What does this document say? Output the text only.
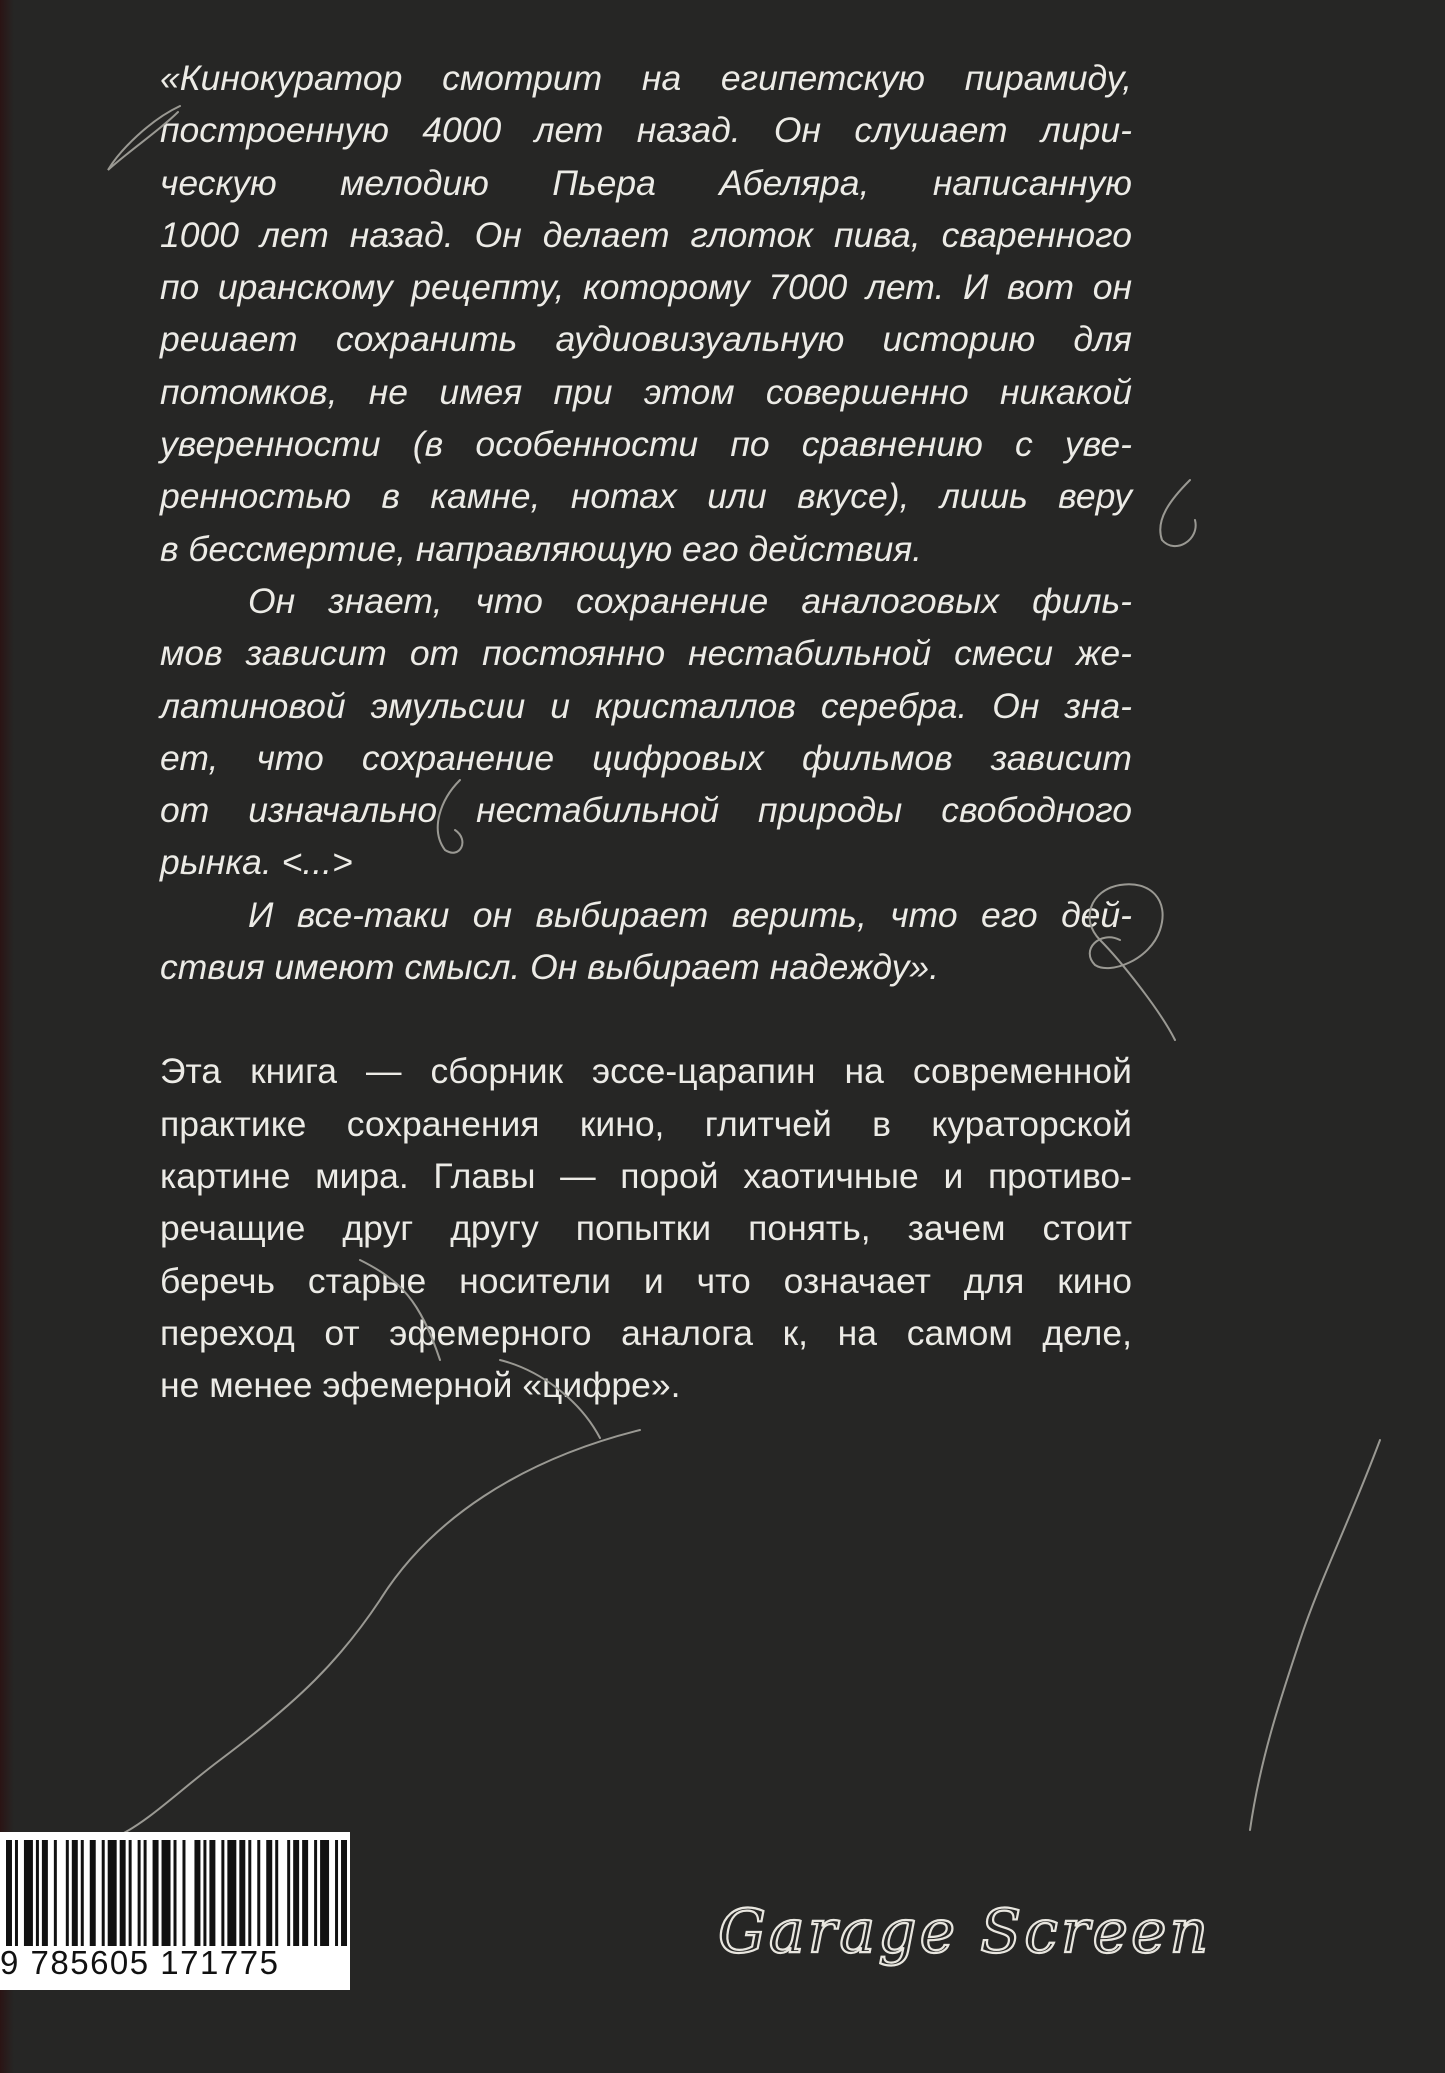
«Кинокуратор смотрит на египетскую пирамиду,
построенную 4000 лет назад. Он слушает лири-
ческую мелодию Пьера Абеляра, написанную
1000 лет назад. Он делает глоток пива, сваренного
по иранскому рецепту, которому 7000 лет. И вот он
решает сохранить аудиовизуальную историю для
потомков, не имея при этом совершенно никакой
уверенности (в особенности по сравнению с уве-
ренностью в камне, нотах или вкусе), лишь веру
в бессмертие, направляющую его действия.
Он знает, что сохранение аналоговых филь-
мов зависит от постоянно нестабильной смеси же-
латиновой эмульсии и кристаллов серебра. Он зна-
ет, что сохранение цифровых фильмов зависит
от изначально нестабильной природы свободного
рынка. <...>
И все-таки он выбирает верить, что его дей-
ствия имеют смысл. Он выбирает надежду».
Эта книга — сборник эссе-царапин на современной
практике сохранения кино, глитчей в кураторской
картине мира. Главы — порой хаотичные и противо-
речащие друг другу попытки понять, зачем стоит
беречь старые носители и что означает для кино
переход от эфемерного аналога к, на самом деле,
не менее эфемерной «цифре».
9 785605 171775	Garage Screen
